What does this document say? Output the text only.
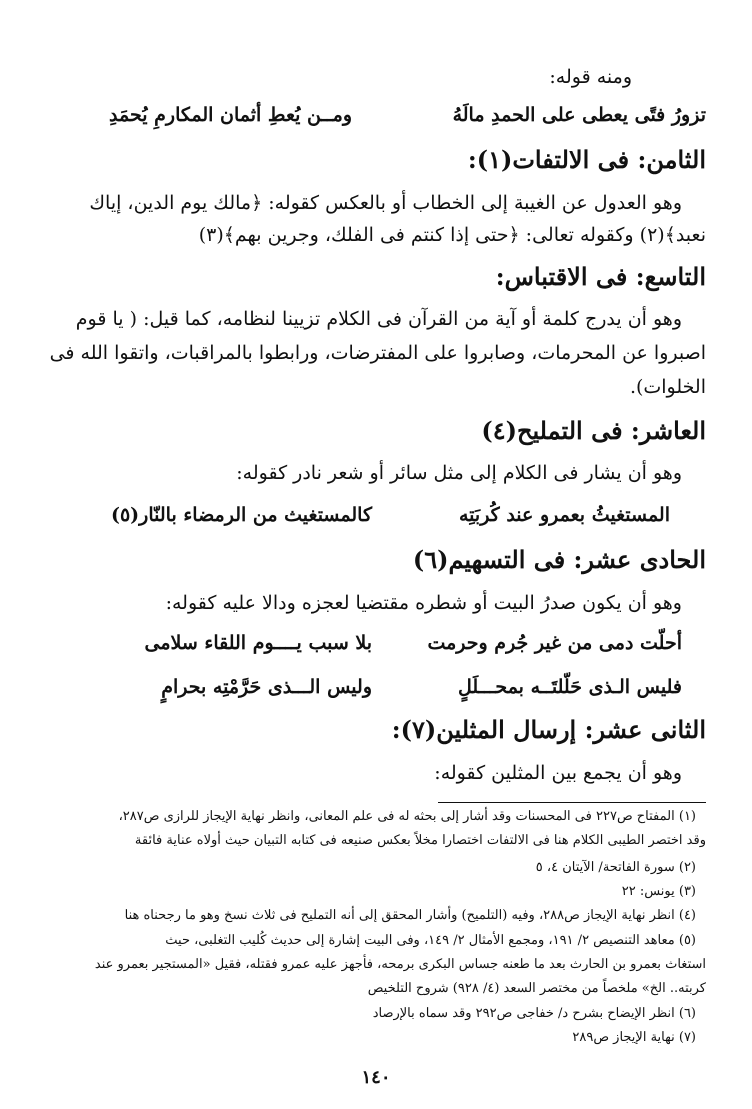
ومنه قوله:
تزورُ فتًى يعطى على الحمدِ مالَهُ
ومــن يُعطِ أثمان المكارمِ يُحمَدِ
الثامن: فى الالتفات(١):
وهو العدول عن الغيبة إلى الخطاب أو بالعكس كقوله: ﴿مالك يوم الدين، إياك
نعبد﴾(٢) وكقوله تعالى: ﴿حتى إذا كنتم فى الفلك، وجرين بهم﴾(٣)
التاسع: فى الاقتباس:
وهو أن يدرج كلمة أو آية من القرآن فى الكلام تزيينا لنظامه، كما قيل: ( يا قوم
اصبروا عن المحرمات، وصابروا على المفترضات، ورابطوا بالمراقبات، واتقوا الله فى
الخلوات).
العاشر: فى التمليح(٤)
وهو أن يشار فى الكلام إلى مثل سائر أو شعر نادر كقوله:
المستغيثُ بعمرو عند كُربَتِه
كالمستغيث من الرمضاء بالنّار(٥)
الحادى عشر: فى التسهيم(٦)
وهو أن يكون صدرُ البيت أو شطره مقتضيا لعجزه ودالا عليه كقوله:
أحلّت دمى من غير جُرم وحرمت
بلا سبب يــــوم اللقاء سلامى
فليس الـذى حَلّلتَــه بمحـــلَلٍ
وليس الـــذى حَرَّمْتِه بحرامٍ
الثانى عشر: إرسال المثلين(٧):
وهو أن يجمع بين المثلين كقوله:
(١) المفتاح ص٢٢٧ فى المحسنات وقد أشار إلى بحثه له فى علم المعانى، وانظر نهاية الإيجاز للرازى ص٢٨٧،
وقد اختصر الطيبى الكلام هنا فى الالتفات اختصارا مخلاً بعكس صنيعه فى كتابه التبيان حيث أولاه عناية فائقة
(٢) سورة الفاتحة/ الآيتان ٤، ٥
(٣) يونس: ٢٢
(٤) انظر نهاية الإيجاز ص٢٨٨، وفيه (التلميح) وأشار المحقق إلى أنه التمليح فى ثلاث نسخ وهو ما رجحناه هنا
(٥) معاهد التنصيص ٢/ ١٩١، ومجمع الأمثال ٢/ ١٤٩، وفى البيت إشارة إلى حديث كُليب التغلبى، حيث
استغاث بعمرو بن الحارث بعد ما طعنه جساس البكرى برمحه، فأجهز عليه عمرو فقتله، فقيل «المستجير بعمرو عند
كربته.. الخ» ملخصاً من مختصر السعد (٤/ ٩٢٨) شروح التلخيص
(٦) انظر الإيضاح بشرح د/ خفاجى ص٢٩٢ وقد سماه بالإرصاد
(٧) نهاية الإيجاز ص٢٨٩
١٤٠
